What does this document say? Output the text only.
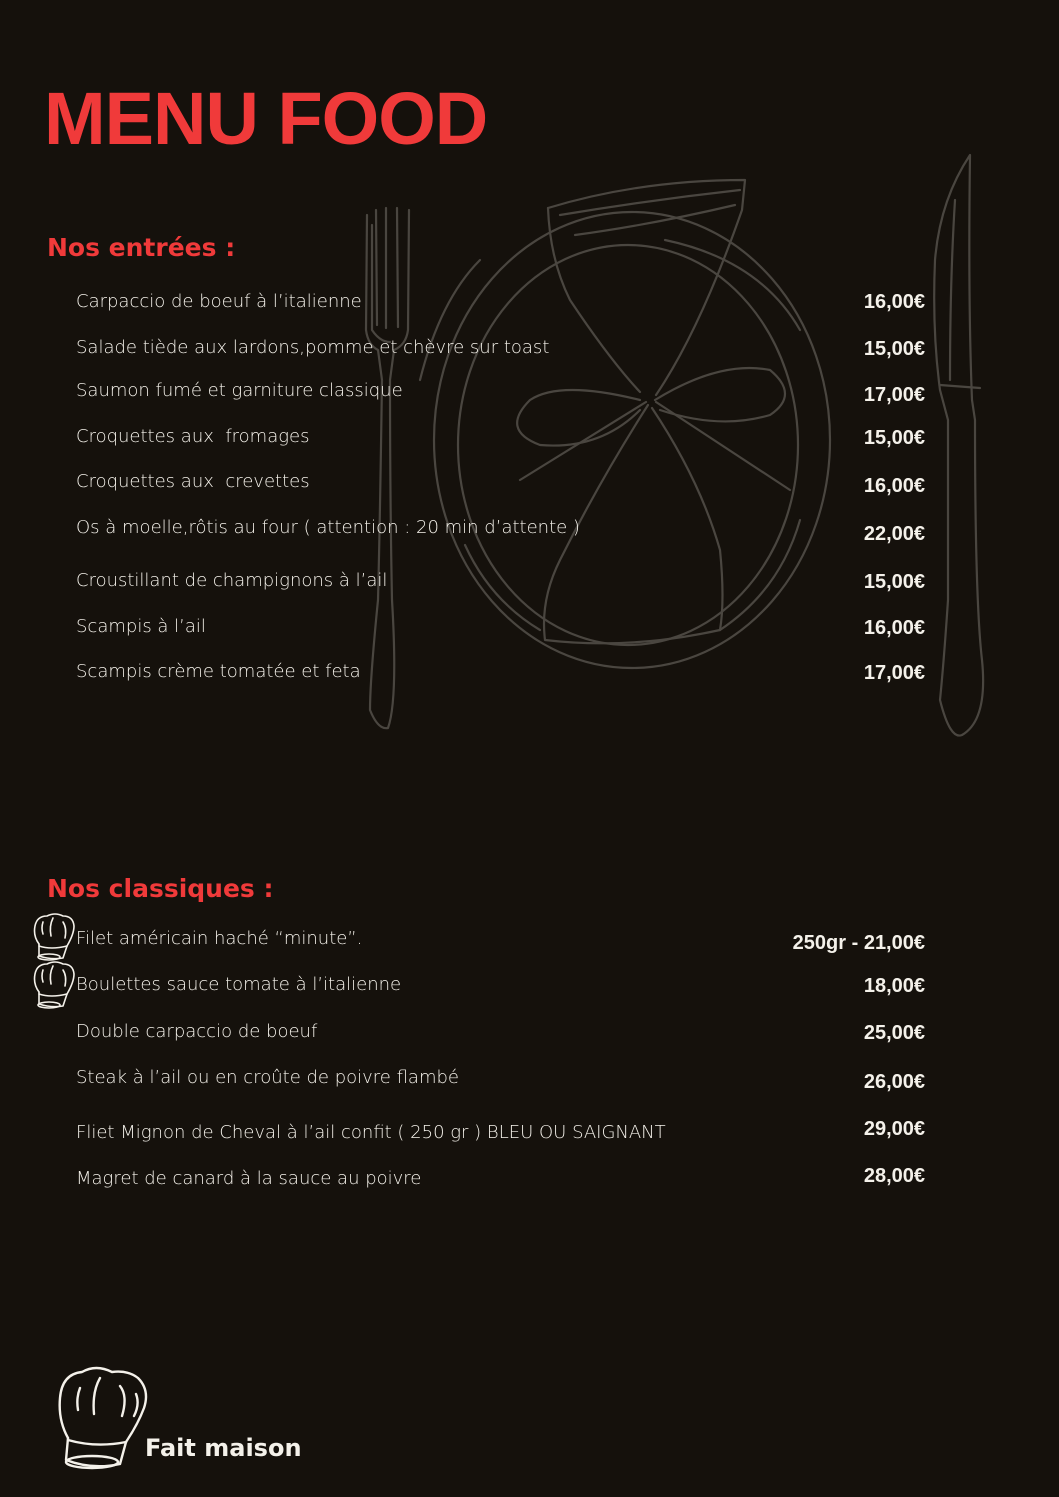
MENU FOOD
Nos entrées :
Carpaccio de boeuf à l’italienne	16,00€
Salade tiède aux lardons,pomme et chèvre sur toast	15,00€
Saumon fumé et garniture classique	17,00€
Croquettes aux  fromages	15,00€
Croquettes aux  crevettes	16,00€
Os à moelle,rôtis au four ( attention : 20 min d’attente )	22,00€
Croustillant de champignons à l’ail	15,00€
Scampis à l’ail	16,00€
Scampis crème tomatée et feta	17,00€
Nos classiques :
Filet américain haché “minute”.	250gr - 21,00€
Boulettes sauce tomate à l’italienne	18,00€
Double carpaccio de boeuf	25,00€
Steak à l’ail ou en croûte de poivre flambé	26,00€
Fliet Mignon de Cheval à l’ail confit ( 250 gr ) BLEU OU SAIGNANT	29,00€
Magret de canard à la sauce au poivre	28,00€
Fait maison
